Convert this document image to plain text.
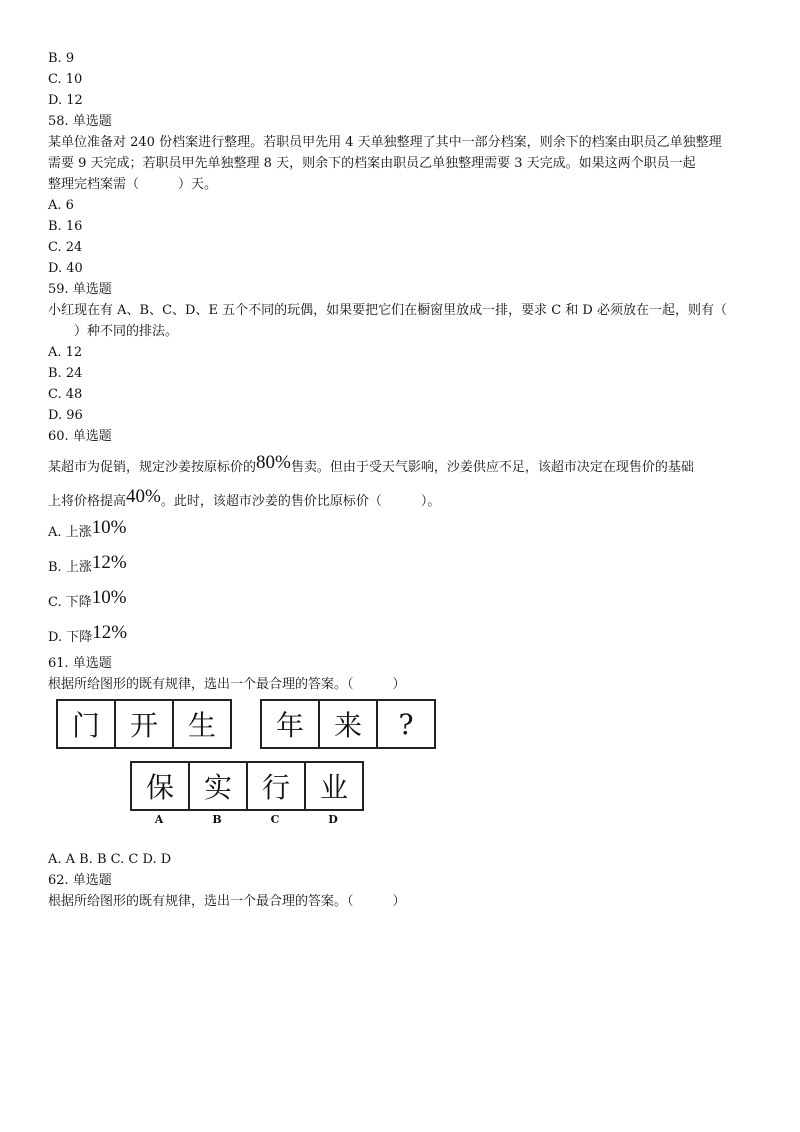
B. 9
C. 10
D. 12
58. 单选题
某单位准备对 240 份档案进行整理。若职员甲先用 4 天单独整理了其中一部分档案，则余下的档案由职员乙单独整理
需要 9 天完成；若职员甲先单独整理 8 天，则余下的档案由职员乙单独整理需要 3 天完成。如果这两个职员一起
整理完档案需（　　　）天。
A. 6
B. 16
C. 24
D. 40
59. 单选题
小红现在有 A、B、C、D、E 五个不同的玩偶，如果要把它们在橱窗里放成一排，要求 C 和 D 必须放在一起，则有（
　　）种不同的排法。
A. 12
B. 24
C. 48
D. 96
60. 单选题
某超市为促销，规定沙姜按原标价的80%售卖。但由于受天气影响，沙姜供应不足，该超市决定在现售价的基础
上将价格提高40%。此时，该超市沙姜的售价比原标价（　　　）。
A. 上涨10%
B. 上涨12%
C. 下降10%
D. 下降12%
61. 单选题
根据所给图形的既有规律，选出一个最合理的答案。（　　　）
门	开	生	年	来	?
保	实	行	业
A	B	C	D
A. A B. B C. C D. D
62. 单选题
根据所给图形的既有规律，选出一个最合理的答案。（　　　）
